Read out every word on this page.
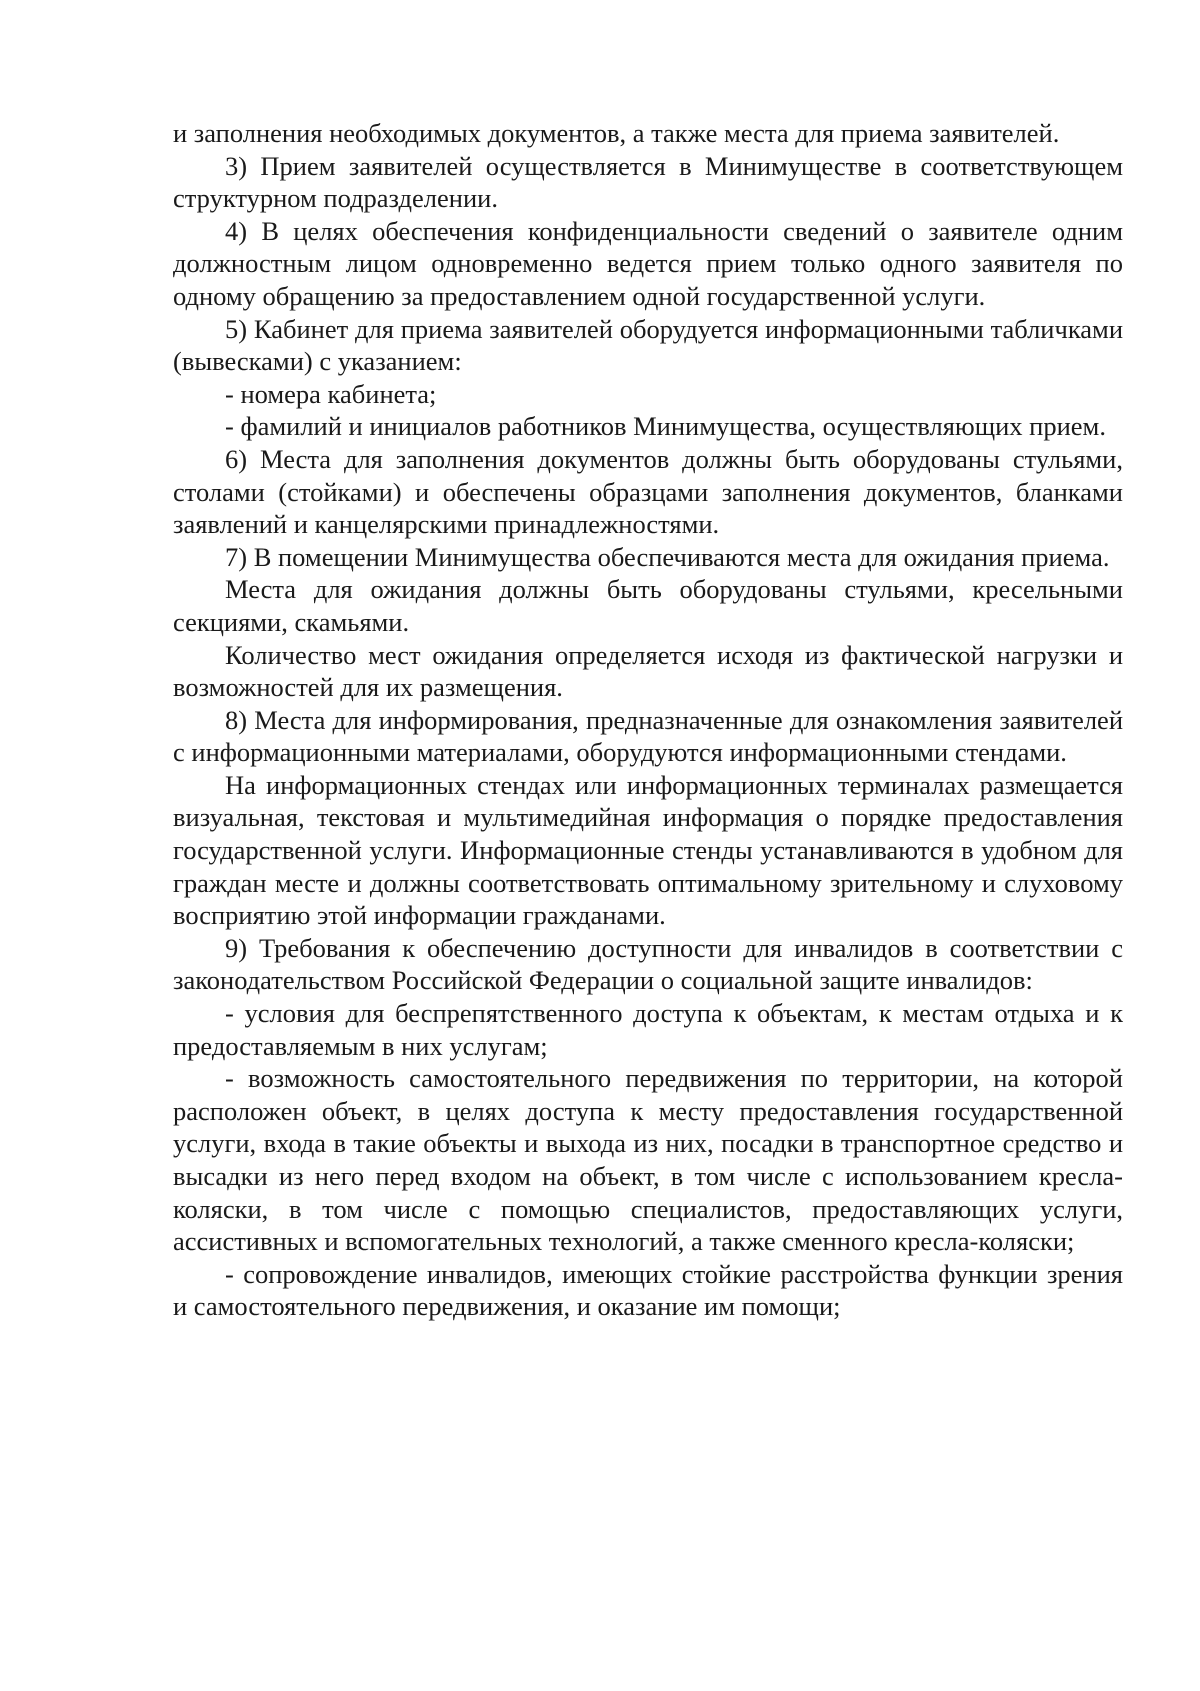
и заполнения необходимых документов, а также места для приема заявителей.

3) Прием заявителей осуществляется в Минимуществе в соответствующем структурном подразделении.

4) В целях обеспечения конфиденциальности сведений о заявителе одним должностным лицом одновременно ведется прием только одного заявителя по одному обращению за предоставлением одной государственной услуги.

5) Кабинет для приема заявителей оборудуется информационными табличками (вывесками) с указанием:

- номера кабинета;

- фамилий и инициалов работников Минимущества, осуществляющих прием.

6) Места для заполнения документов должны быть оборудованы стульями, столами (стойками) и обеспечены образцами заполнения документов, бланками заявлений и канцелярскими принадлежностями.

7) В помещении Минимущества обеспечиваются места для ожидания приема.

Места для ожидания должны быть оборудованы стульями, кресельными секциями, скамьями.

Количество мест ожидания определяется исходя из фактической нагрузки и возможностей для их размещения.

8) Места для информирования, предназначенные для ознакомления заявителей с информационными материалами, оборудуются информационными стендами.

На информационных стендах или информационных терминалах размещается визуальная, текстовая и мультимедийная информация о порядке предоставления государственной услуги. Информационные стенды устанавливаются в удобном для граждан месте и должны соответствовать оптимальному зрительному и слуховому восприятию этой информации гражданами.

9) Требования к обеспечению доступности для инвалидов в соответствии с законодательством Российской Федерации о социальной защите инвалидов:

- условия для беспрепятственного доступа к объектам, к местам отдыха и к предоставляемым в них услугам;

- возможность самостоятельного передвижения по территории, на которой расположен объект, в целях доступа к месту предоставления государственной услуги, входа в такие объекты и выхода из них, посадки в транспортное средство и высадки из него перед входом на объект, в том числе с использованием кресла-коляски, в том числе с помощью специалистов, предоставляющих услуги, ассистивных и вспомогательных технологий, а также сменного кресла-коляски;

- сопровождение инвалидов, имеющих стойкие расстройства функции зрения и самостоятельного передвижения, и оказание им помощи;
